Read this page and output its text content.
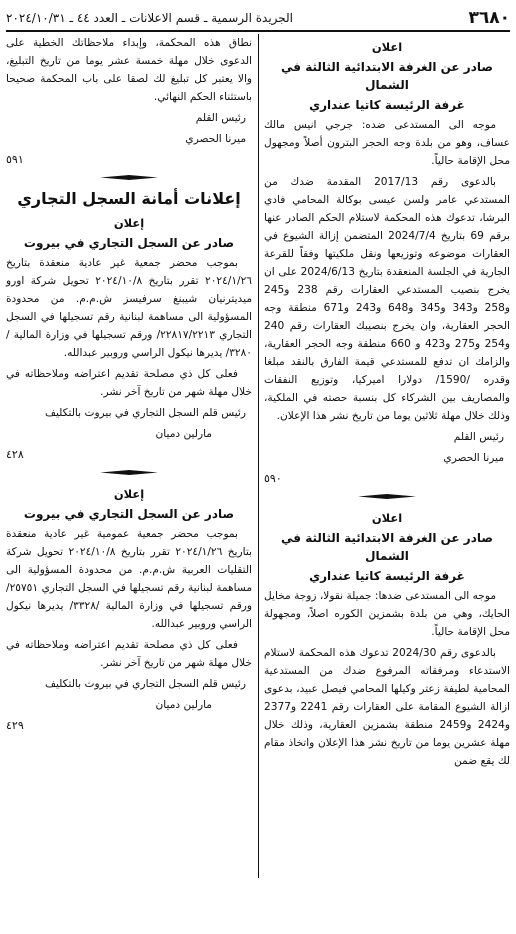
٣٦٨٠
الجريدة الرسمية ـ قسم الاعلانات ـ العدد ٤٤ ـ ٢٠٢٤/١٠/٣١
اعلان
صادر عن الغرفة الابتدائية الثالثة في الشمال
غرفة الرئيسة كاتيا عنداري

موجه الى المستدعى ضده: جرجي انيس مالك عساف، وهو من بلدة وجه الحجر البترون أصلاً ومجهول محل الإقامة حالياً.

بالدعوى رقم 2017/13 المقدمة ضدك من المستدعي عامر ولسن عيسى بوكالة المحامي فادي البرشا، تدعوك هذه المحكمة لاستلام الحكم الصادر عنها برقم 69 بتاريخ 2024/7/4 المتضمن إزالة الشيوع في العقارات موضوعه وتوزيعها ونقل ملكيتها وفقاً للقرعة الجارية في الجلسة المنعقدة بتاريخ 2024/6/13 على ان يخرج بنصيب المستدعي العقارات رقم 238 و245 و258 و343 و345 و648 و243 و671 منطقة وجه الحجر العقارية، وان يخرج بنصيبك العقارات رقم 240 و254 و275 و423 و 660 منطقة وجه الحجر العقارية، والزامك ان تدفع للمستدعي قيمة الفارق بالنقد مبلغا وقدره /1590/ دولارا اميركيا، وتوزيع النفقات والمصاريف بين الشركاء كل بنسبة حصته في الملكية، وذلك خلال مهلة ثلاثين يوما من تاريخ نشر هذا الإعلان.

رئيس القلم

ميرنا الحصري

٥٩٠
اعلان
صادر عن الغرفة الابتدائية الثالثة في الشمال
غرفة الرئيسة كاتيا عنداري

موجه الى المستدعى ضدها: جميلة نقولا، زوجة مخايل الحايك، وهي من بلدة بشمزين الكوره اصلاً، ومجهولة محل الإقامة حالياً.

بالدعوى رقم 2024/30 تدعوك هذه المحكمة لاستلام الاستدعاء ومرفقاته المرفوع ضدك من المستدعية المحامية لطيفة زعتر وكيلها المحامي فيصل عبيد، بدعوى ازالة الشيوع المقامة على العقارات رقم 2241 و2377 و2424 و2459 منطقة بشمزين العقارية، وذلك خلال مهلة عشرين يوما من تاريخ نشر هذا الإعلان واتخاذ مقام لك يقع ضمن

نطاق هذه المحكمة، وإبداء ملاحظاتك الخطية على الدعوى خلال مهلة خمسة عشر يوما من تاريخ التبليغ، والا يعتبر كل تبليغ لك لصقا على باب المحكمة صحيحا باستثناء الحكم النهائي.

رئيس القلم

ميرنا الحصري

٥٩١
إعلانات أمانة السجل التجاري
إعلان
صادر عن السجل التجاري في بيروت

بموجب محضر جمعية غير عادية منعقدة بتاريخ ٢٠٢٤/١/٢٦ تقرر بتاريخ ٢٠٢٤/١٠/٨ تحويل شركة اورو ميديترنيان شيبنغ سرفيسز ش.م.م. من محدودة المسؤولية الى مساهمة لبنانية رقم تسجيلها في السجل التجاري ٢٢٨١٧/٢٢١٣/ ورقم تسجيلها في وزارة المالية /٣٢٨٠/ يديرها نيكول الراسي وروبير عبدالله.

فعلى كل ذي مصلحة تقديم اعتراضه وملاحظاته في خلال مهلة شهر من تاريخ آخر نشر.

رئيس قلم السجل التجاري في بيروت بالتكليف

مارلين دميان

٤٢٨
إعلان
صادر عن السجل التجاري في بيروت

بموجب محضر جمعية عمومية غير عادية منعقدة بتاريخ ٢٠٢٤/١/٢٦ تقرر بتاريخ ٢٠٢٤/١٠/٨ تحويل شركة التقليات العربية ش.م.م. من محدودة المسؤولية الى مساهمة لبنانية رقم تسجيلها في السجل التجاري ٢٥٧٥١/ ورقم تسجيلها في وزارة المالية /٣٣٢٨/ يديرها نيكول الراسي وروبير عبدالله.

فعلى كل ذي مصلحة تقديم اعتراضه وملاحظاته في خلال مهلة شهر من تاريخ آخر نشر.

رئيس قلم السجل التجاري في بيروت بالتكليف

مارلين دميان

٤٢٩
